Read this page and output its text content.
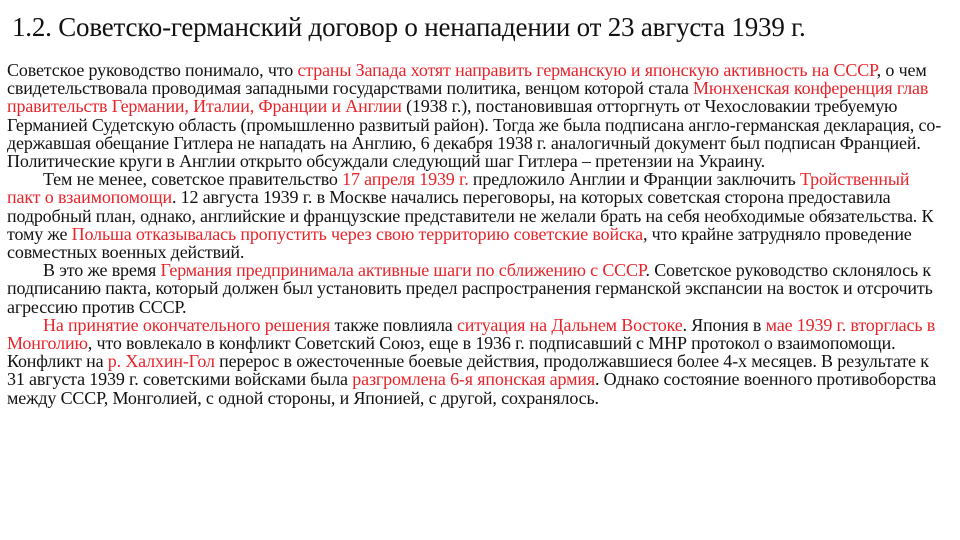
1.2. Советско-германский договор о ненападении от 23 августа 1939 г.

Советское руководство понимало, что страны Запада хотят направить германскую и японскую активность на СССР, о чем свидетельствовала проводимая западными государствами политика, венцом которой стала Мюнхенская конференция глав правительств Германии, Италии, Франции и Англии (1938 г.), постановившая отторгнуть от Чехословакии требуемую Германией Судетскую область (промышленно развитый район). Тогда же была подписана англо-германская декларация, со-державшая обещание Гитлера не нападать на Англию, 6 декабря 1938 г. аналогичный документ был подписан Францией. Политические круги в Англии открыто обсуждали следующий шаг Гитлера – претензии на Украину.

Тем не менее, советское правительство 17 апреля 1939 г. предложило Англии и Франции заключить Тройственный пакт о взаимопомощи. 12 августа 1939 г. в Москве начались переговоры, на которых советская сторона предоставила подробный план, однако, английские и французские представители не желали брать на себя необходимые обязательства. К тому же Польша отказывалась пропустить через свою территорию советские войска, что крайне затрудняло проведение совместных военных действий.

В это же время Германия предпринимала активные шаги по сближению с СССР. Советское руководство склонялось к подписанию пакта, который должен был установить предел распространения германской экспансии на восток и отсрочить агрессию против СССР.

На принятие окончательного решения также повлияла ситуация на Дальнем Востоке. Япония в мае 1939 г. вторглась в Монголию, что вовлекало в конфликт Советский Союз, еще в 1936 г. подписавший с МНР протокол о взаимопомощи. Конфликт на р. Халхин-Гол перерос в ожесточенные боевые действия, продолжавшиеся более 4-х месяцев. В результате к 31 августа 1939 г. советскими войсками была разгромлена 6-я японская армия. Однако состояние военного противоборства между СССР, Монголией, с одной стороны, и Японией, с другой, сохранялось.
